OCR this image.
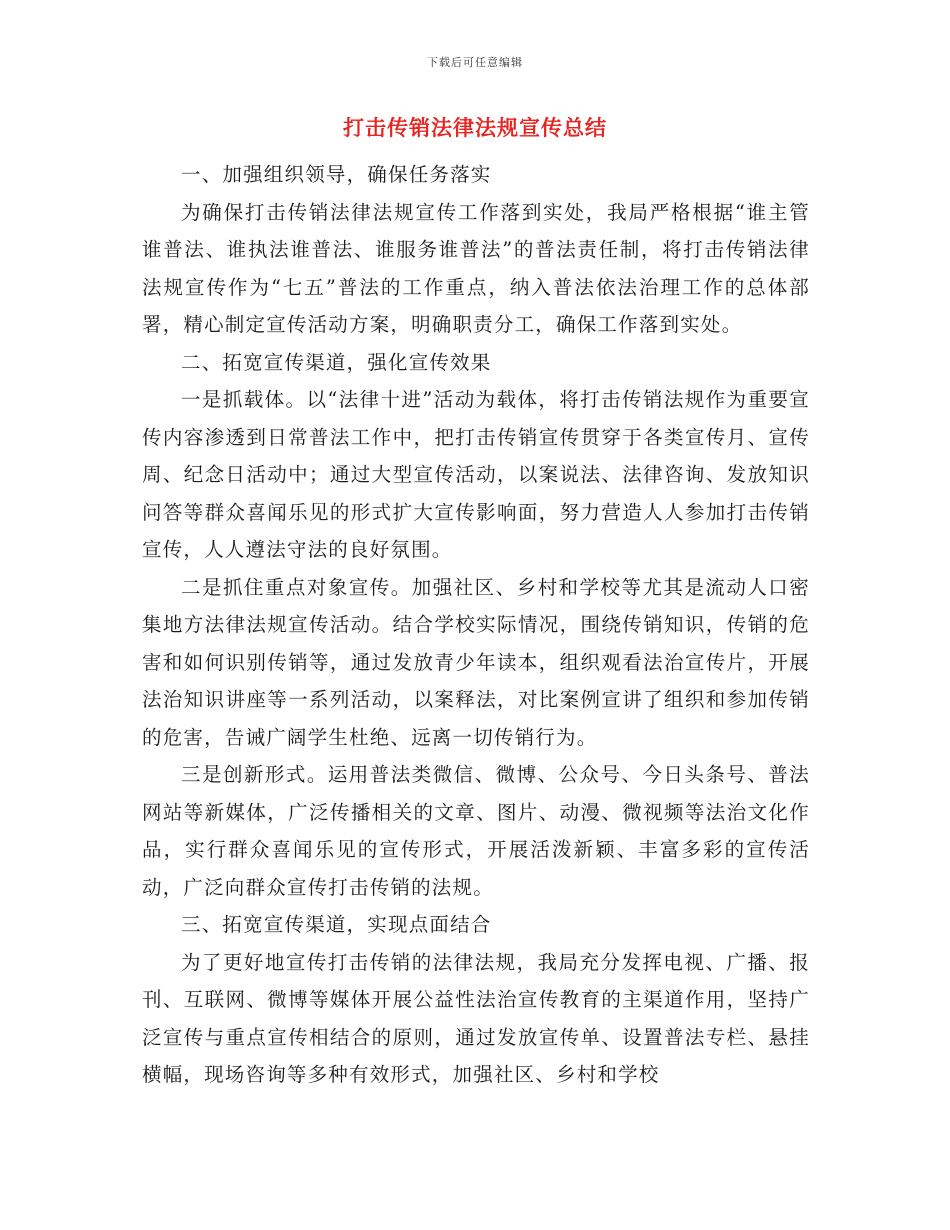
下载后可任意编辑
打击传销法律法规宣传总结

一、加强组织领导，确保任务落实

为确保打击传销法律法规宣传工作落到实处，我局严格根据“谁主管谁普法、谁执法谁普法、谁服务谁普法”的普法责任制，将打击传销法律法规宣传作为“七五”普法的工作重点，纳入普法依法治理工作的总体部署，精心制定宣传活动方案，明确职责分工，确保工作落到实处。

二、拓宽宣传渠道，强化宣传效果

一是抓载体。以“法律十进”活动为载体，将打击传销法规作为重要宣传内容渗透到日常普法工作中，把打击传销宣传贯穿于各类宣传月、宣传周、纪念日活动中；通过大型宣传活动，以案说法、法律咨询、发放知识问答等群众喜闻乐见的形式扩大宣传影响面，努力营造人人参加打击传销宣传，人人遵法守法的良好氛围。

二是抓住重点对象宣传。加强社区、乡村和学校等尤其是流动人口密集地方法律法规宣传活动。结合学校实际情况，围绕传销知识，传销的危害和如何识别传销等，通过发放青少年读本，组织观看法治宣传片，开展法治知识讲座等一系列活动，以案释法，对比案例宣讲了组织和参加传销的危害，告诫广阔学生杜绝、远离一切传销行为。

三是创新形式。运用普法类微信、微博、公众号、今日头条号、普法网站等新媒体，广泛传播相关的文章、图片、动漫、微视频等法治文化作品，实行群众喜闻乐见的宣传形式，开展活泼新颖、丰富多彩的宣传活动，广泛向群众宣传打击传销的法规。

三、拓宽宣传渠道，实现点面结合

为了更好地宣传打击传销的法律法规，我局充分发挥电视、广播、报刊、互联网、微博等媒体开展公益性法治宣传教育的主渠道作用，坚持广泛宣传与重点宣传相结合的原则，通过发放宣传单、设置普法专栏、悬挂横幅，现场咨询等多种有效形式，加强社区、乡村和学校
